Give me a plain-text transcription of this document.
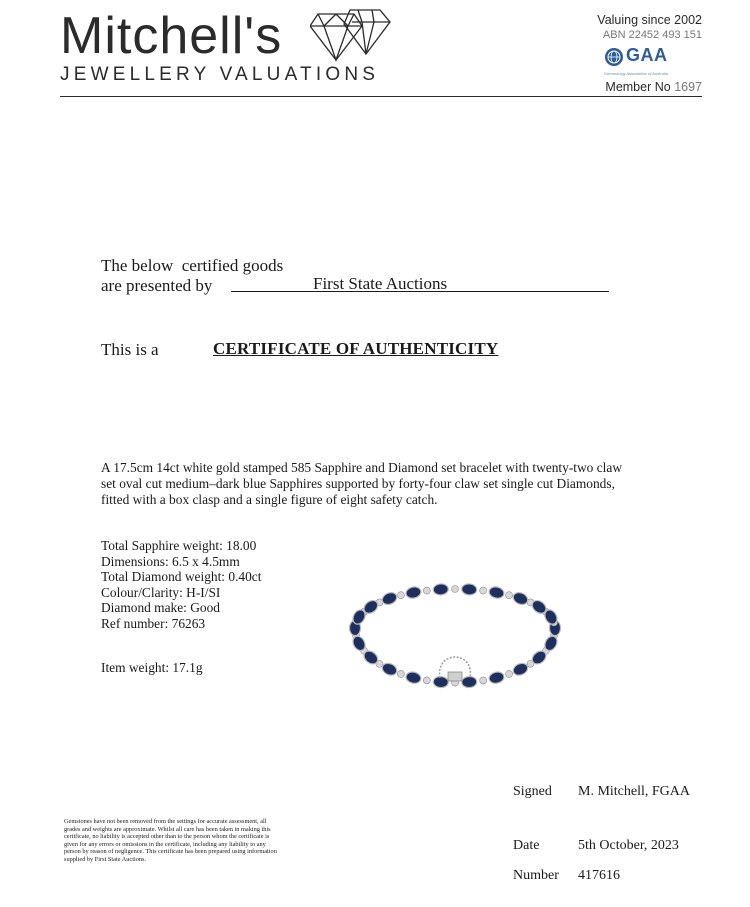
Mitchell's
JEWELLERY VALUATIONS
Valuing since 2002
ABN 22452 493 151
GAA
Gemmology Association of Australia
Member No 1697
The below  certified goods
are presented by	First State Auctions
This is a	CERTIFICATE OF AUTHENTICITY
A 17.5cm 14ct white gold stamped 585 Sapphire and Diamond set bracelet with twenty-two claw set oval cut medium–dark blue Sapphires supported by forty-four claw set single cut Diamonds, fitted with a box clasp and a single figure of eight safety catch.
Total Sapphire weight: 18.00
Dimensions: 6.5 x 4.5mm
Total Diamond weight: 0.40ct
Colour/Clarity: H-I/SI
Diamond make: Good
Ref number: 76263
Item weight: 17.1g
Gemstones have not been removed from the settings for accurate assessment, all grades and weights are approximate. Whilst all care has been taken in making this certificate, no liability is accepted other than to the person whom the certificate is given for any errors or omissions in the certificate, including any liability to any person by reason of negligence. This certificate has been prepared using information supplied by First State Auctions.
Signed M. Mitchell, FGAA
Date	5th October, 2023
Number 417616
